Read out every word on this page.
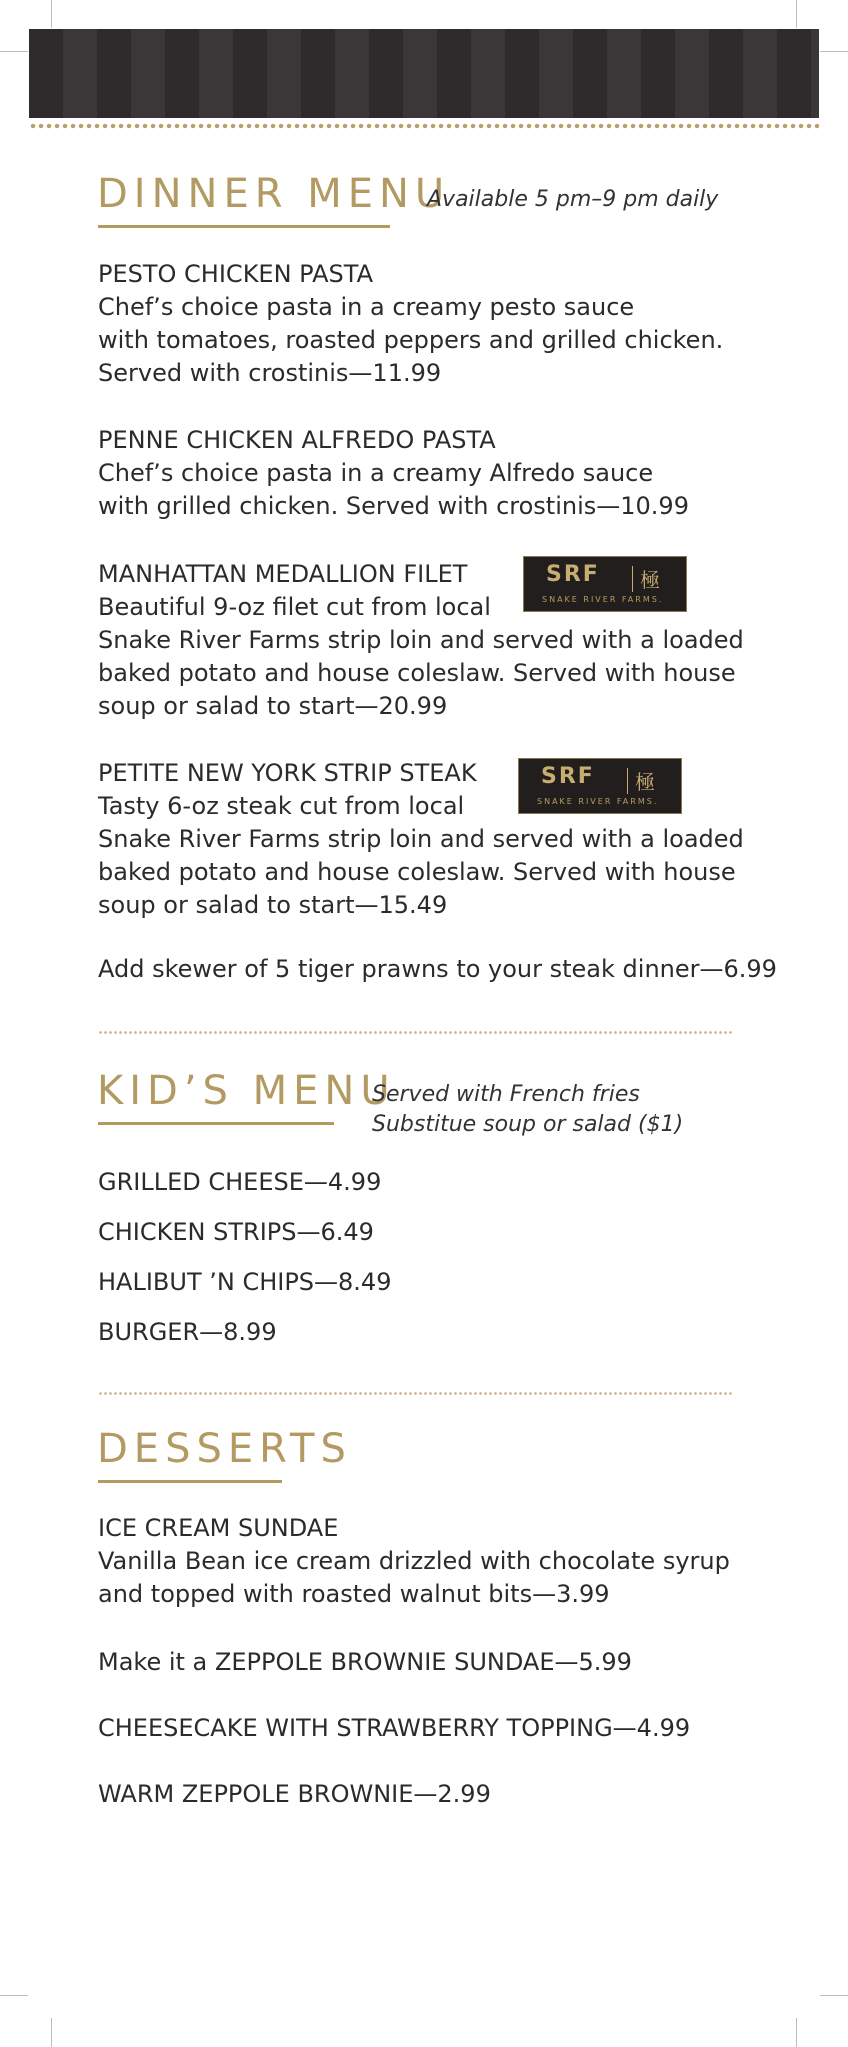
DINNER MENU
Available 5 pm–9 pm daily
PESTO CHICKEN PASTA
Chef’s choice pasta in a creamy pesto sauce
with tomatoes, roasted peppers and grilled chicken.
Served with crostinis—11.99
PENNE CHICKEN ALFREDO PASTA
Chef’s choice pasta in a creamy Alfredo sauce
with grilled chicken. Served with crostinis—10.99
MANHATTAN MEDALLION FILET
Beautiful 9-oz filet cut from local
Snake River Farms strip loin and served with a loaded
baked potato and house coleslaw. Served with house
soup or salad to start—20.99
SRF 極
SNAKE RIVER FARMS.
PETITE NEW YORK STRIP STEAK
Tasty 6-oz steak cut from local
Snake River Farms strip loin and served with a loaded
baked potato and house coleslaw. Served with house
soup or salad to start—15.49
SRF 極
SNAKE RIVER FARMS.
Add skewer of 5 tiger prawns to your steak dinner—6.99
KID’S MENU
Served with French fries
Substitue soup or salad ($1)
GRILLED CHEESE—4.99
CHICKEN STRIPS—6.49
HALIBUT ’N CHIPS—8.49
BURGER—8.99
DESSERTS
ICE CREAM SUNDAE
Vanilla Bean ice cream drizzled with chocolate syrup
and topped with roasted walnut bits—3.99
Make it a ZEPPOLE BROWNIE SUNDAE—5.99
CHEESECAKE WITH STRAWBERRY TOPPING—4.99
WARM ZEPPOLE BROWNIE—2.99
